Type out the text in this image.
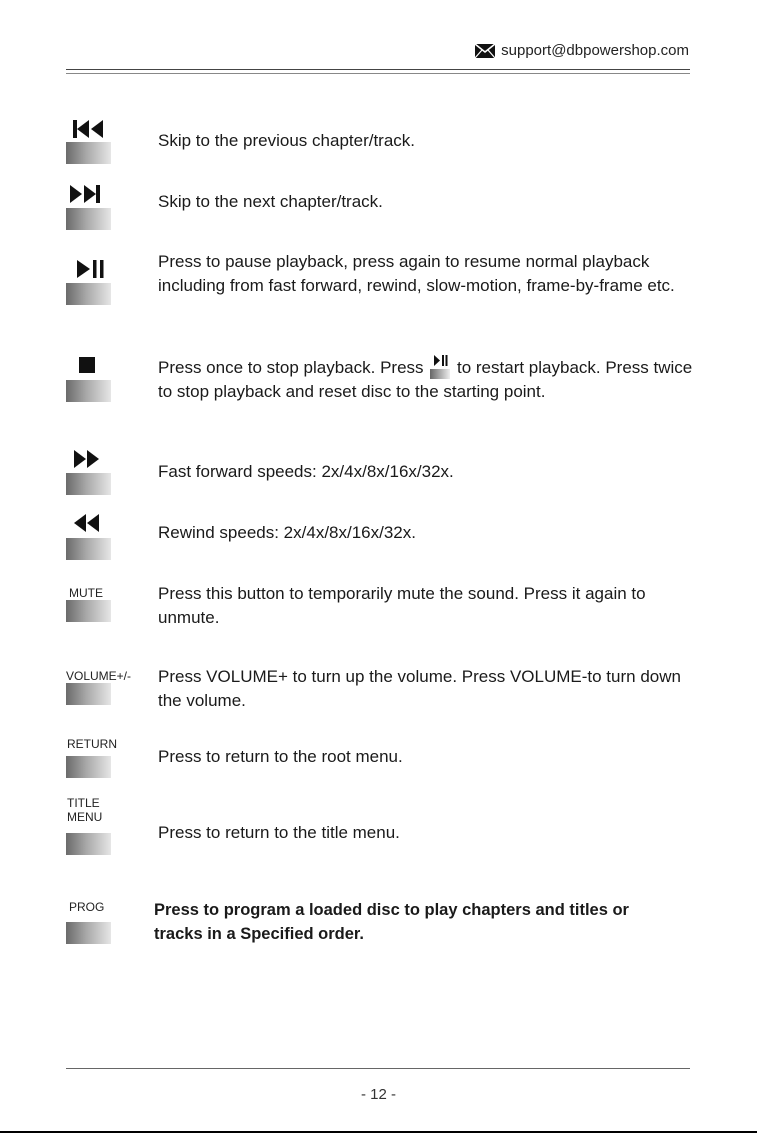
support@dbpowershop.com
Skip to the previous chapter/track.
Skip to the next chapter/track.
Press to pause playback, press again to resume normal playback including from fast forward, rewind, slow-motion, frame-by-frame etc.
Press once to stop playback. Press to restart playback. Press twice to stop playback and reset disc to the starting point.
Fast forward speeds: 2x/4x/8x/16x/32x.
Rewind speeds: 2x/4x/8x/16x/32x.
MUTE	Press this button to temporarily mute the sound. Press it again to unmute.
VOLUME+/- Press VOLUME+ to turn up the volume. Press VOLUME-to turn down the volume.
RETURN
Press to return to the root menu.
TITLE
MENU
Press to return to the title menu.
PROG	Press to program a loaded disc to play chapters and titles or tracks in a Specified order.
- 12 -
